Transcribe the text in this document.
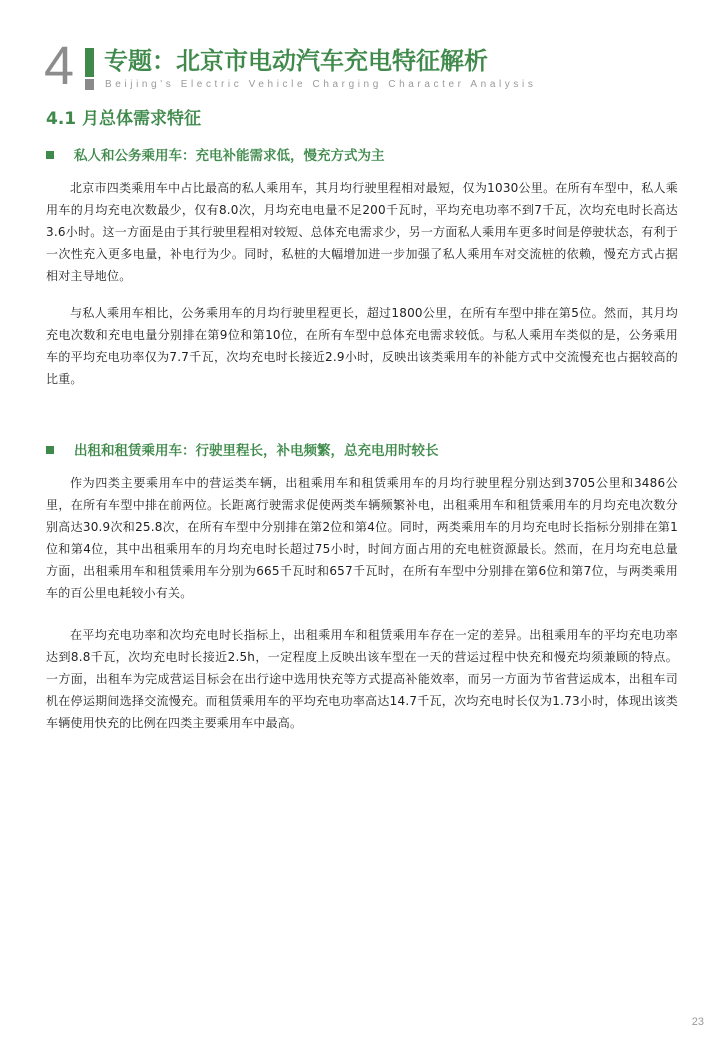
4 专题：北京市电动汽车充电特征解析
Beijing's Electric Vehicle Charging Character Analysis
4.1 月总体需求特征
私人和公务乘用车：充电补能需求低，慢充方式为主

北京市四类乘用车中占比最高的私人乘用车，其月均行驶里程相对最短，仅为1030公里。在所有车型中，私人乘用车的月均充电次数最少，仅有8.0次，月均充电电量不足200千瓦时，平均充电功率不到7千瓦，次均充电时长高达3.6小时。这一方面是由于其行驶里程相对较短、总体充电需求少，另一方面私人乘用车更多时间是停驶状态，有利于一次性充入更多电量，补电行为少。同时，私桩的大幅增加进一步加强了私人乘用车对交流桩的依赖，慢充方式占据相对主导地位。

与私人乘用车相比，公务乘用车的月均行驶里程更长，超过1800公里，在所有车型中排在第5位。然而，其月均充电次数和充电电量分别排在第9位和第10位，在所有车型中总体充电需求较低。与私人乘用车类似的是，公务乘用车的平均充电功率仅为7.7千瓦，次均充电时长接近2.9小时，反映出该类乘用车的补能方式中交流慢充也占据较高的比重。

出租和租赁乘用车：行驶里程长，补电频繁，总充电用时较长

作为四类主要乘用车中的营运类车辆，出租乘用车和租赁乘用车的月均行驶里程分别达到3705公里和3486公里，在所有车型中排在前两位。长距离行驶需求促使两类车辆频繁补电，出租乘用车和租赁乘用车的月均充电次数分别高达30.9次和25.8次，在所有车型中分别排在第2位和第4位。同时，两类乘用车的月均充电时长指标分别排在第1位和第4位，其中出租乘用车的月均充电时长超过75小时，时间方面占用的充电桩资源最长。然而，在月均充电总量方面，出租乘用车和租赁乘用车分别为665千瓦时和657千瓦时，在所有车型中分别排在第6位和第7位，与两类乘用车的百公里电耗较小有关。

在平均充电功率和次均充电时长指标上，出租乘用车和租赁乘用车存在一定的差异。出租乘用车的平均充电功率达到8.8千瓦，次均充电时长接近2.5h，一定程度上反映出该车型在一天的营运过程中快充和慢充均须兼顾的特点。一方面，出租车为完成营运目标会在出行途中选用快充等方式提高补能效率，而另一方面为节省营运成本，出租车司机在停运期间选择交流慢充。而租赁乘用车的平均充电功率高达14.7千瓦，次均充电时长仅为1.73小时，体现出该类车辆使用快充的比例在四类主要乘用车中最高。

23
